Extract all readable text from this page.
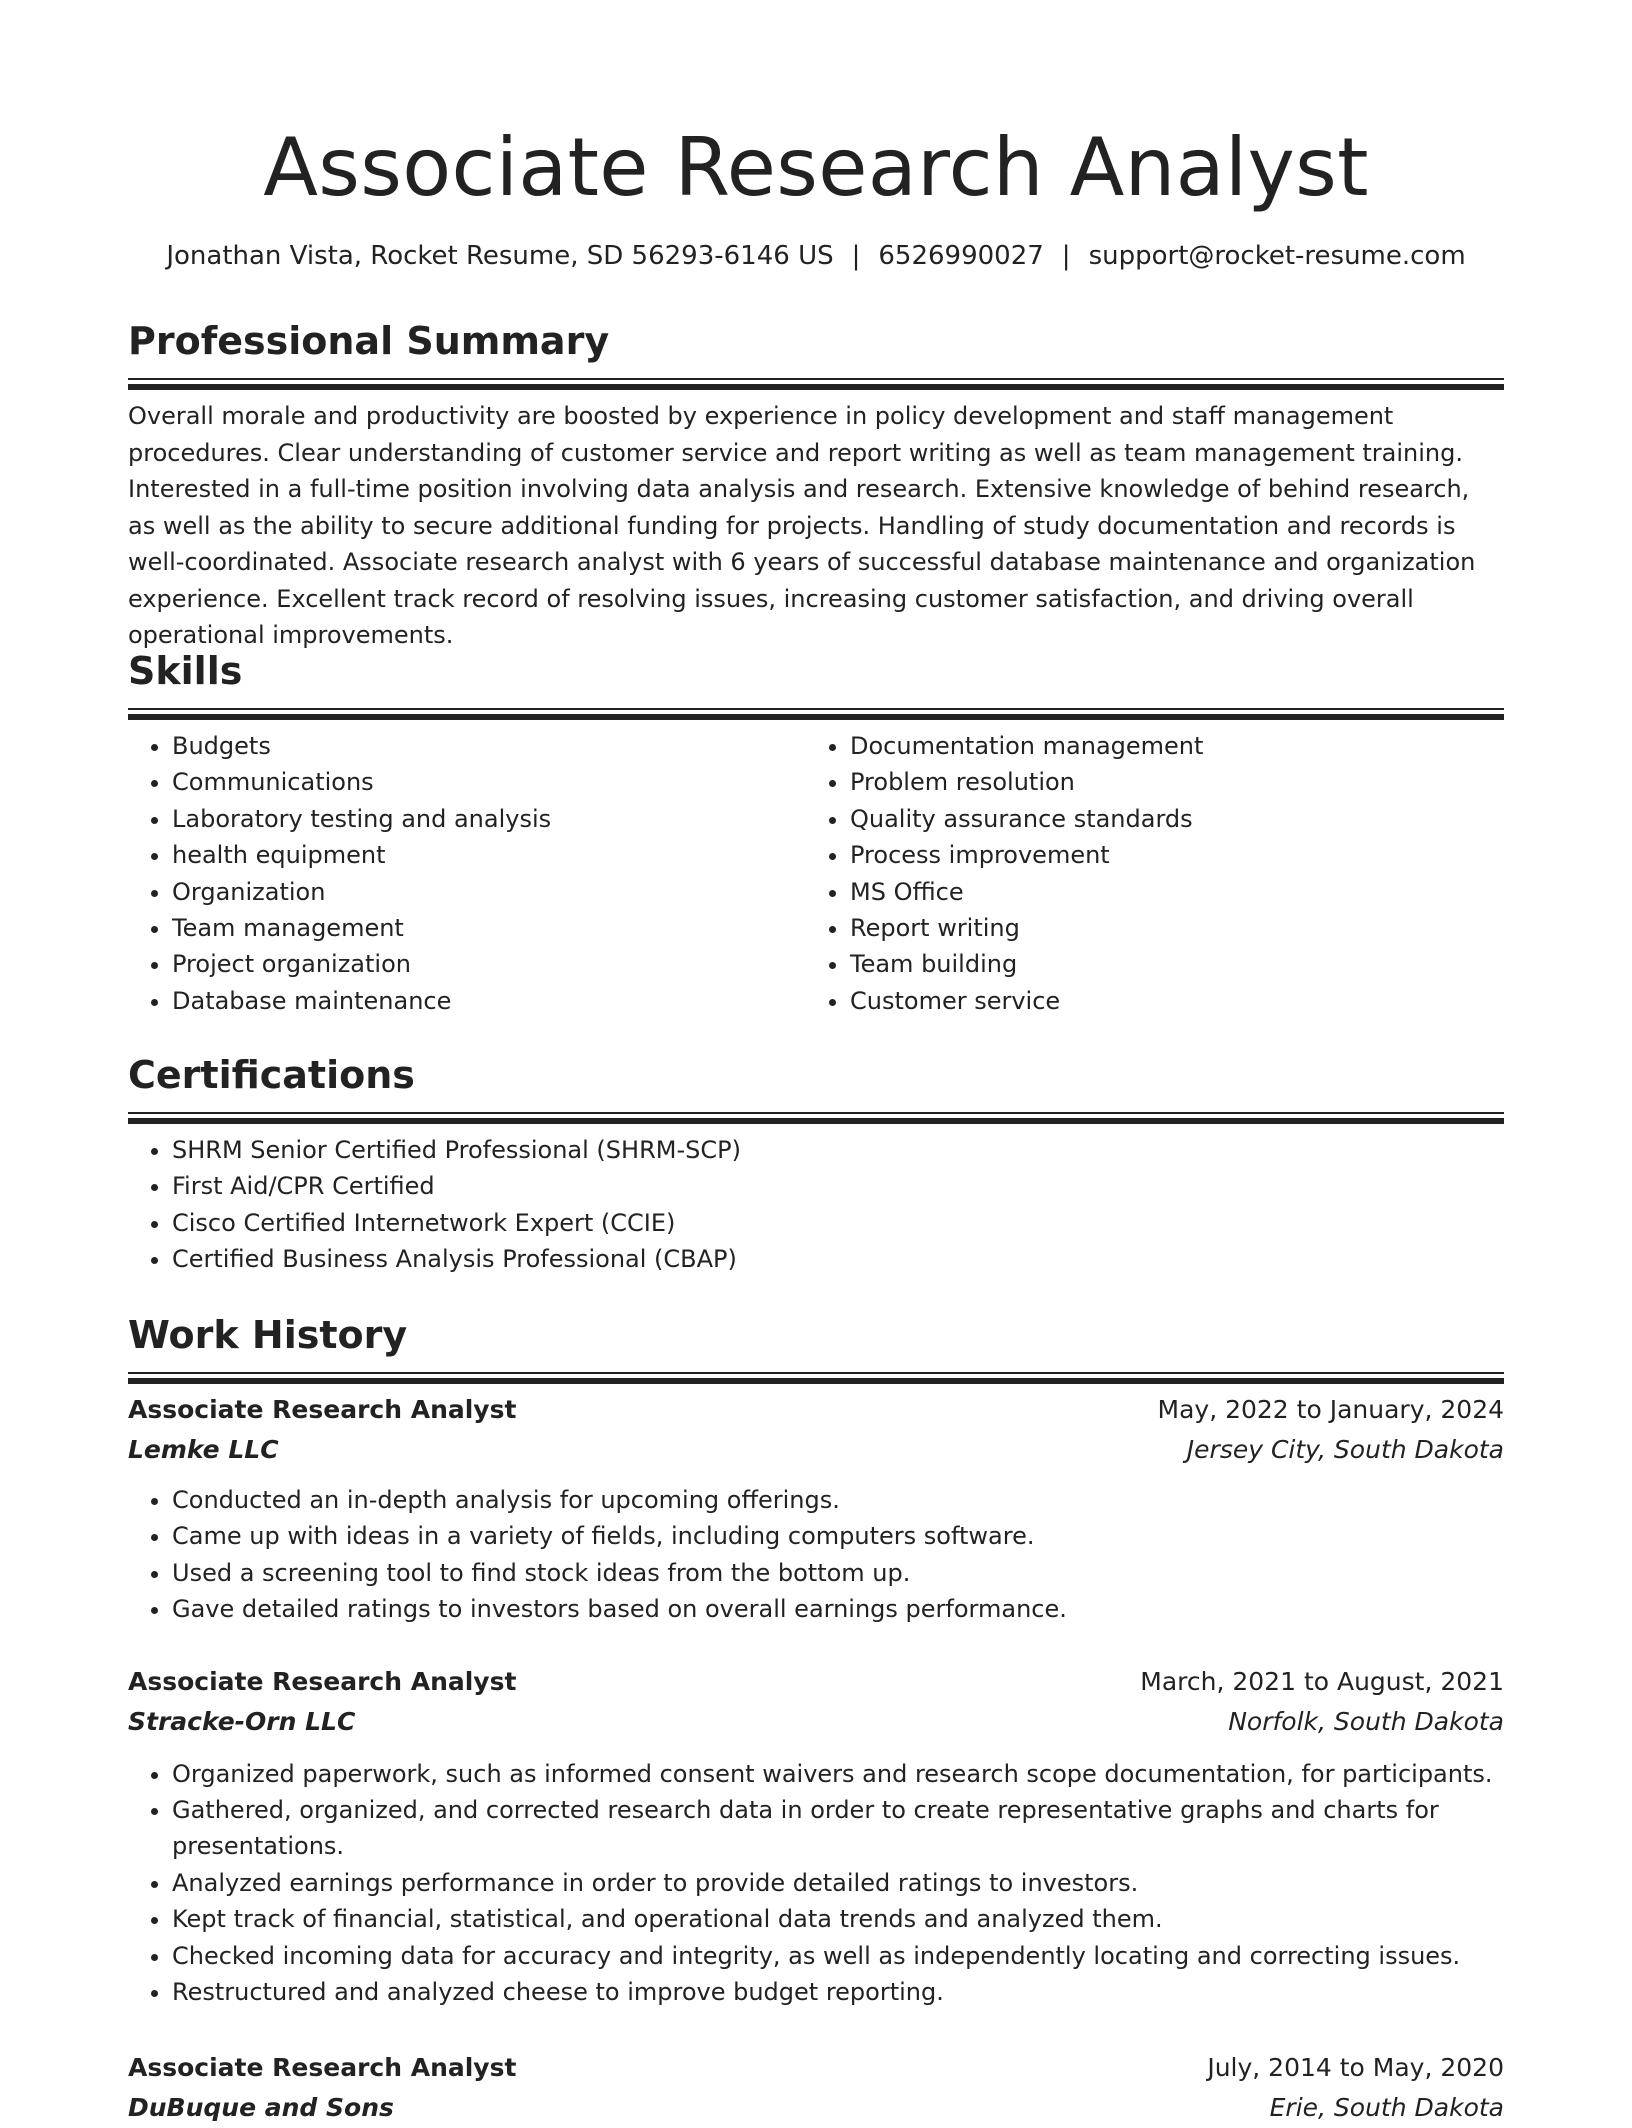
Associate Research Analyst
Jonathan Vista, Rocket Resume, SD 56293-6146 US | 6526990027 | support@rocket-resume.com
Professional Summary

Overall morale and productivity are boosted by experience in policy development and staff management procedures. Clear understanding of customer service and report writing as well as team management training. Interested in a full-time position involving data analysis and research. Extensive knowledge of behind research, as well as the ability to secure additional funding for projects. Handling of study documentation and records is well-coordinated. Associate research analyst with 6 years of successful database maintenance and organization experience. Excellent track record of resolving issues, increasing customer satisfaction, and driving overall operational improvements.

Skills
• Budgets
• Communications
• Laboratory testing and analysis
• health equipment
• Organization
• Team management
• Project organization
• Database maintenance
• Documentation management
• Problem resolution
• Quality assurance standards
• Process improvement
• MS Office
• Report writing
• Team building
• Customer service
Certifications
• SHRM Senior Certified Professional (SHRM-SCP)
• First Aid/CPR Certified
• Cisco Certified Internetwork Expert (CCIE)
• Certified Business Analysis Professional (CBAP)
Work History
Associate Research Analyst	May, 2022 to January, 2024
Lemke LLC	Jersey City, South Dakota
• Conducted an in-depth analysis for upcoming offerings.
• Came up with ideas in a variety of fields, including computers software.
• Used a screening tool to find stock ideas from the bottom up.
• Gave detailed ratings to investors based on overall earnings performance.
Associate Research Analyst	March, 2021 to August, 2021
Stracke-Orn LLC	Norfolk, South Dakota
• Organized paperwork, such as informed consent waivers and research scope documentation, for participants.
• Gathered, organized, and corrected research data in order to create representative graphs and charts for presentations.
• Analyzed earnings performance in order to provide detailed ratings to investors.
• Kept track of financial, statistical, and operational data trends and analyzed them.
• Checked incoming data for accuracy and integrity, as well as independently locating and correcting issues.
• Restructured and analyzed cheese to improve budget reporting.
Associate Research Analyst	July, 2014 to May, 2020
DuBuque and Sons	Erie, South Dakota
